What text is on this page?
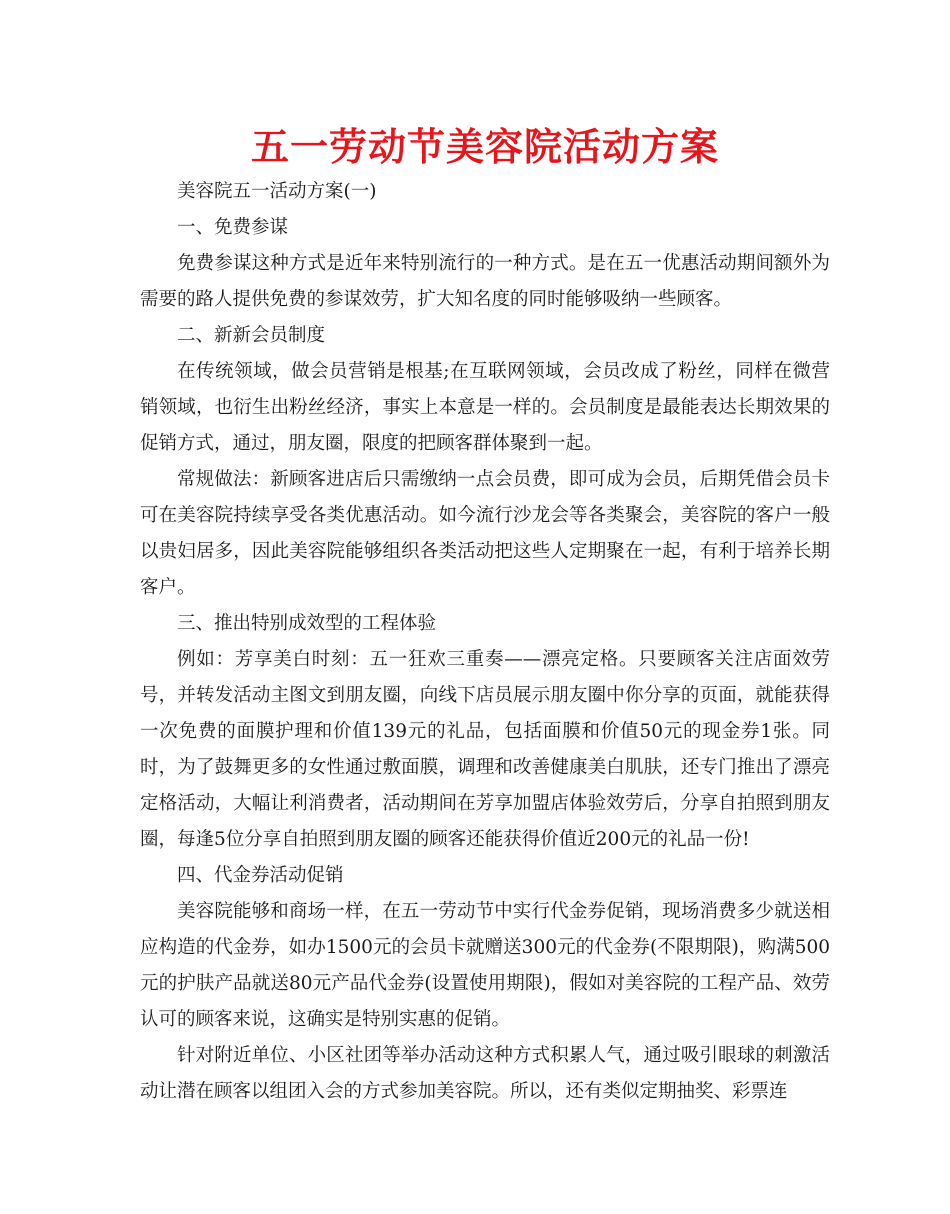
五一劳动节美容院活动方案

美容院五一活动方案(一)

一、免费参谋

免费参谋这种方式是近年来特别流行的一种方式。是在五一优惠活动期间额外为需要的路人提供免费的参谋效劳，扩大知名度的同时能够吸纳一些顾客。

二、新新会员制度

在传统领域，做会员营销是根基;在互联网领域，会员改成了粉丝，同样在微营销领域，也衍生出粉丝经济，事实上本意是一样的。会员制度是最能表达长期效果的促销方式，通过，朋友圈，限度的把顾客群体聚到一起。

常规做法：新顾客进店后只需缴纳一点会员费，即可成为会员，后期凭借会员卡可在美容院持续享受各类优惠活动。如今流行沙龙会等各类聚会，美容院的客户一般以贵妇居多，因此美容院能够组织各类活动把这些人定期聚在一起，有利于培养长期客户。

三、推出特别成效型的工程体验

例如：芳享美白时刻：五一狂欢三重奏——漂亮定格。只要顾客关注店面效劳号，并转发活动主图文到朋友圈，向线下店员展示朋友圈中你分享的页面，就能获得一次免费的面膜护理和价值139元的礼品，包括面膜和价值50元的现金券1张。同时，为了鼓舞更多的女性通过敷面膜，调理和改善健康美白肌肤，还专门推出了漂亮定格活动，大幅让利消费者，活动期间在芳享加盟店体验效劳后，分享自拍照到朋友圈，每逢5位分享自拍照到朋友圈的顾客还能获得价值近200元的礼品一份!

四、代金券活动促销

美容院能够和商场一样，在五一劳动节中实行代金券促销，现场消费多少就送相应构造的代金券，如办1500元的会员卡就赠送300元的代金券(不限期限)，购满500元的护肤产品就送80元产品代金券(设置使用期限)，假如对美容院的工程产品、效劳认可的顾客来说，这确实是特别实惠的促销。

针对附近单位、小区社团等举办活动这种方式积累人气，通过吸引眼球的刺激活动让潜在顾客以组团入会的方式参加美容院。所以，还有类似定期抽奖、彩票连
